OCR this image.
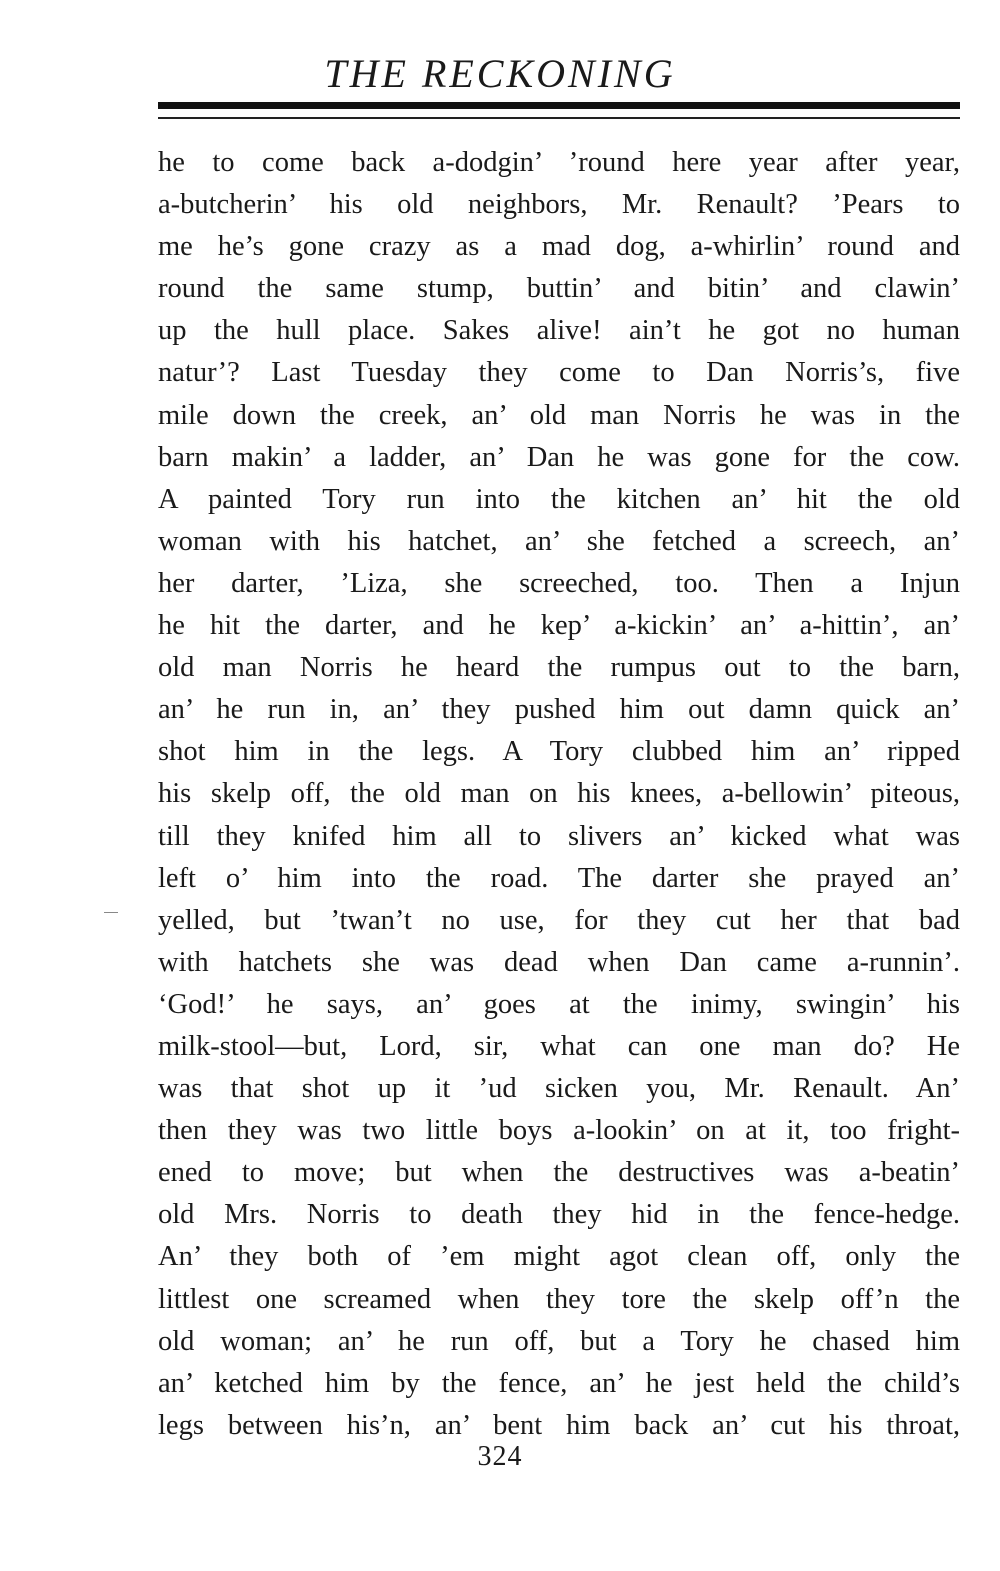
THE RECKONING
he to come back a-dodgin’ ’round here year after year,
a-butcherin’ his old neighbors, Mr. Renault? ’Pears to
me he’s gone crazy as a mad dog, a-whirlin’ round and
round the same stump, buttin’ and bitin’ and clawin’
up the hull place. Sakes alive! ain’t he got no human
natur’? Last Tuesday they come to Dan Norris’s, five
mile down the creek, an’ old man Norris he was in the
barn makin’ a ladder, an’ Dan he was gone for the cow.
A painted Tory run into the kitchen an’ hit the old
woman with his hatchet, an’ she fetched a screech, an’
her darter, ’Liza, she screeched, too. Then a Injun
he hit the darter, and he kep’ a-kickin’ an’ a-hittin’, an’
old man Norris he heard the rumpus out to the barn,
an’ he run in, an’ they pushed him out damn quick an’
shot him in the legs. A Tory clubbed him an’ ripped
his skelp off, the old man on his knees, a-bellowin’ piteous,
till they knifed him all to slivers an’ kicked what was
left o’ him into the road. The darter she prayed an’
yelled, but ’twan’t no use, for they cut her that bad
with hatchets she was dead when Dan came a-runnin’.
‘God!’ he says, an’ goes at the inimy, swingin’ his
milk-stool—but, Lord, sir, what can one man do? He
was that shot up it ’ud sicken you, Mr. Renault. An’
then they was two little boys a-lookin’ on at it, too fright-
ened to move; but when the destructives was a-beatin’
old Mrs. Norris to death they hid in the fence-hedge.
An’ they both of ’em might agot clean off, only the
littlest one screamed when they tore the skelp off’n the
old woman; an’ he run off, but a Tory he chased him
an’ ketched him by the fence, an’ he jest held the child’s
legs between his’n, an’ bent him back an’ cut his throat,
324
